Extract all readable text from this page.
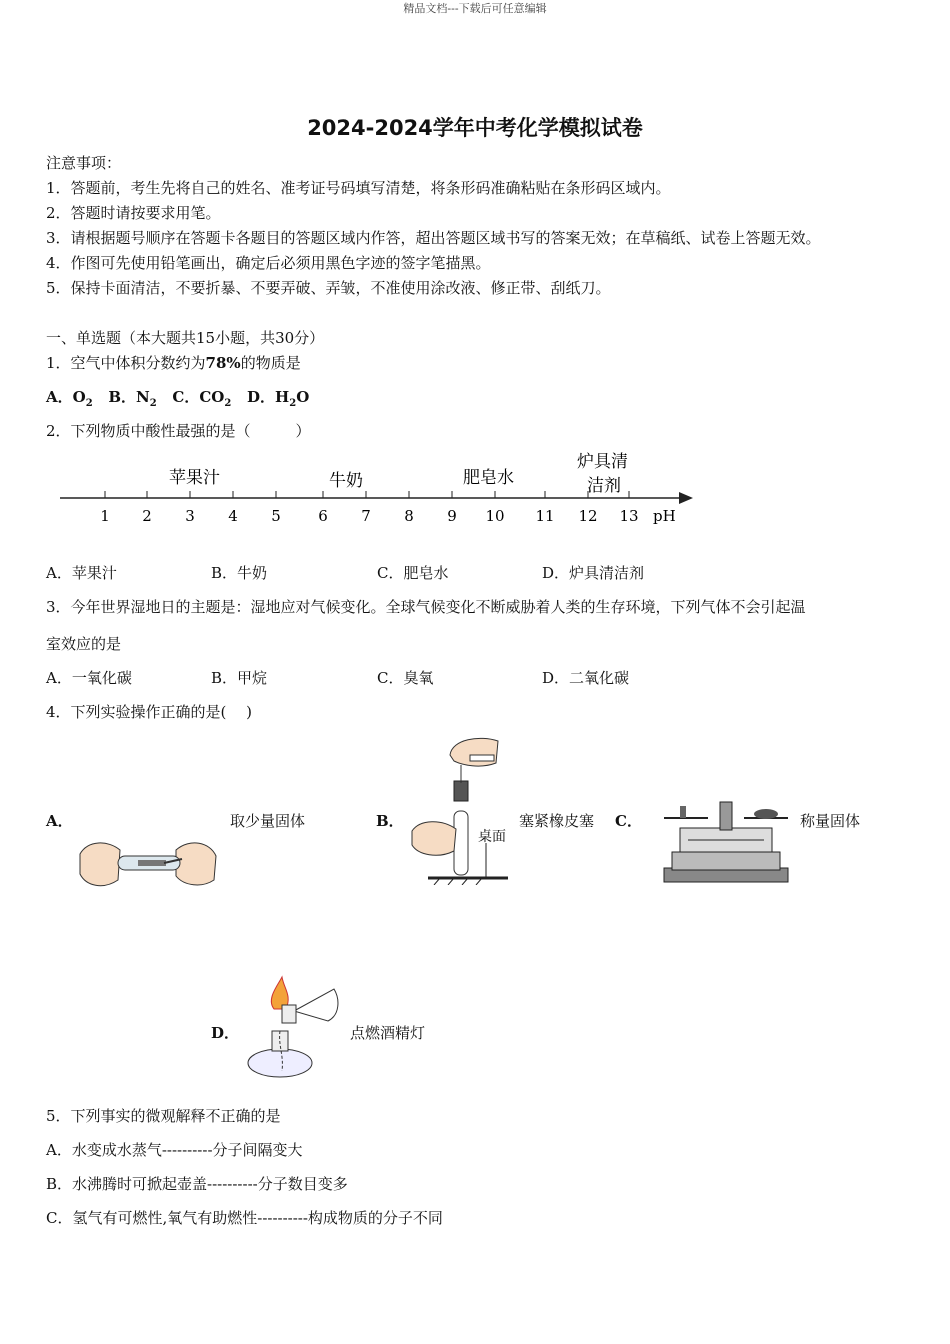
精品文档---下载后可任意编辑
2024-2024学年中考化学模拟试卷
注意事项：
1．答题前，考生先将自己的姓名、准考证号码填写清楚，将条形码准确粘贴在条形码区域内。
2．答题时请按要求用笔。
3．请根据题号顺序在答题卡各题目的答题区域内作答，超出答题区域书写的答案无效；在草稿纸、试卷上答题无效。
4．作图可先使用铅笔画出，确定后必须用黑色字迹的签字笔描黑。
5．保持卡面清洁，不要折暴、不要弄破、弄皱，不准使用涂改液、修正带、刮纸刀。
一、单选题（本大题共15小题，共30分）
1．空气中体积分数约为78%的物质是
A．$O_2$ B．$N_2$ C．$CO_2$ D．$H_2O$
2．下列物质中酸性最强的是（　　　）
1 2 3 4 5 6 7 8 9 10 11 12 13
苹果汁	牛奶	肥皂水
炉具清
洁剂
pH
A．苹果汁	B．牛奶	C．肥皂水	D．炉具清洁剂
3．今年世界湿地日的主题是：湿地应对气候变化。全球气候变化不断威胁着人类的生存环境，下列气体不会引起温
室效应的是
A．一氧化碳	B．甲烷	C．臭氧	D．二氧化碳
4．下列实验操作正确的是(　 )
A．	取少量固体	B．
桌面
塞紧橡皮塞 C．	称量固体
D．	点燃酒精灯
5．下列事实的微观解释不正确的是
A．水变成水蒸气----------分子间隔变大
B．水沸腾时可掀起壶盖----------分子数目变多
C．氢气有可燃性,氧气有助燃性----------构成物质的分子不同
